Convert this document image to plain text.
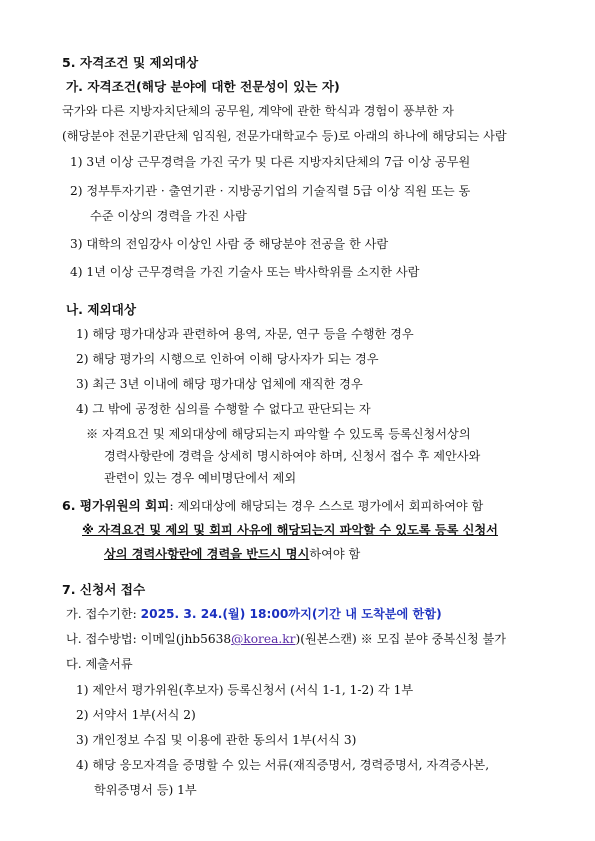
5. 자격조건 및 제외대상
가. 자격조건(해당 분야에 대한 전문성이 있는 자)
국가와 다른 지방자치단체의 공무원, 계약에 관한 학식과 경험이 풍부한 자
(해당분야 전문기관단체 임직원, 전문가대학교수 등)로 아래의 하나에 해당되는 사람
1) 3년 이상 근무경력을 가진 국가 및 다른 지방자치단체의 7급 이상 공무원
2) 정부투자기관 · 출연기관 · 지방공기업의 기술직렬 5급 이상 직원 또는 동
수준 이상의 경력을 가진 사람
3) 대학의 전임강사 이상인 사람 중 해당분야 전공을 한 사람
4) 1년 이상 근무경력을 가진 기술사 또는 박사학위를 소지한 사람
나. 제외대상
1) 해당 평가대상과 관련하여 용역, 자문, 연구 등을 수행한 경우
2) 해당 평가의 시행으로 인하여 이해 당사자가 되는 경우
3) 최근 3년 이내에 해당 평가대상 업체에 재직한 경우
4) 그 밖에 공정한 심의를 수행할 수 없다고 판단되는 자
※ 자격요건 및 제외대상에 해당되는지 파악할 수 있도록 등록신청서상의
경력사항란에 경력을 상세히 명시하여야 하며, 신청서 접수 후 제안사와
관련이 있는 경우 예비명단에서 제외
6. 평가위원의 회피: 제외대상에 해당되는 경우 스스로 평가에서 회피하여야 함
※ 자격요건 및 제외 및 회피 사유에 해당되는지 파악할 수 있도록 등록 신청서
상의 경력사항란에 경력을 반드시 명시하여야 함
7. 신청서 접수
가. 접수기한: 2025. 3. 24.(월) 18:00까지(기간 내 도착분에 한함)
나. 접수방법: 이메일(jhb5638@korea.kr)(원본스캔) ※ 모집 분야 중복신청 불가
다. 제출서류
1) 제안서 평가위원(후보자) 등록신청서 (서식 1-1, 1-2) 각 1부
2) 서약서 1부(서식 2)
3) 개인정보 수집 및 이용에 관한 동의서 1부(서식 3)
4) 해당 응모자격을 증명할 수 있는 서류(재직증명서, 경력증명서, 자격증사본,
학위증명서 등) 1부
